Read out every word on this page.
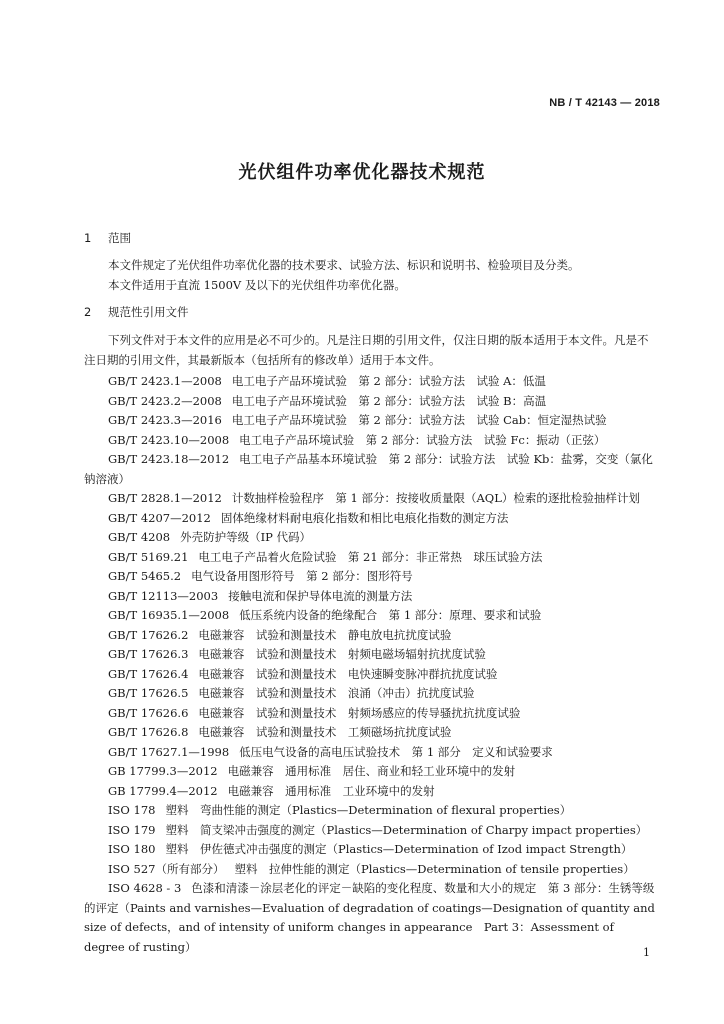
NB / T 42143 — 2018
光伏组件功率优化器技术规范
1 范围
本文件规定了光伏组件功率优化器的技术要求、试验方法、标识和说明书、检验项目及分类。
本文件适用于直流 1500V 及以下的光伏组件功率优化器。
2 规范性引用文件
下列文件对于本文件的应用是必不可少的。凡是注日期的引用文件，仅注日期的版本适用于本文件。凡是不注日期的引用文件，其最新版本（包括所有的修改单）适用于本文件。

GB/T 2423.1—2008 电工电子产品环境试验　第 2 部分：试验方法　试验 A：低温

GB/T 2423.2—2008 电工电子产品环境试验　第 2 部分：试验方法　试验 B：高温

GB/T 2423.3—2016 电工电子产品环境试验　第 2 部分：试验方法　试验 Cab：恒定湿热试验

GB/T 2423.10—2008 电工电子产品环境试验　第 2 部分：试验方法　试验 Fc：振动（正弦）

GB/T 2423.18—2012 电工电子产品基本环境试验　第 2 部分：试验方法　试验 Kb：盐雾，交变（氯化钠溶液）

GB/T 2828.1—2012 计数抽样检验程序　第 1 部分：按接收质量限（AQL）检索的逐批检验抽样计划

GB/T 4207—2012 固体绝缘材料耐电痕化指数和相比电痕化指数的测定方法

GB/T 4208 外壳防护等级（IP 代码）

GB/T 5169.21 电工电子产品着火危险试验　第 21 部分：非正常热　球压试验方法

GB/T 5465.2 电气设备用图形符号　第 2 部分：图形符号

GB/T 12113—2003 接触电流和保护导体电流的测量方法

GB/T 16935.1—2008 低压系统内设备的绝缘配合　第 1 部分：原理、要求和试验

GB/T 17626.2 电磁兼容　试验和测量技术　静电放电抗扰度试验

GB/T 17626.3 电磁兼容　试验和测量技术　射频电磁场辐射抗扰度试验

GB/T 17626.4 电磁兼容　试验和测量技术　电快速瞬变脉冲群抗扰度试验

GB/T 17626.5 电磁兼容　试验和测量技术　浪涌（冲击）抗扰度试验

GB/T 17626.6 电磁兼容　试验和测量技术　射频场感应的传导骚扰抗扰度试验

GB/T 17626.8 电磁兼容　试验和测量技术　工频磁场抗扰度试验

GB/T 17627.1—1998 低压电气设备的高电压试验技术　第 1 部分　定义和试验要求

GB 17799.3—2012 电磁兼容　通用标准　居住、商业和轻工业环境中的发射

GB 17799.4—2012 电磁兼容　通用标准　工业环境中的发射

ISO 178 塑料　弯曲性能的测定（Plastics—Determination of flexural properties）

ISO 179 塑料　简支梁冲击强度的测定（Plastics—Determination of Charpy impact properties）

ISO 180 塑料　伊佐德式冲击强度的测定（Plastics—Determination of Izod impact Strength）

ISO 527（所有部分） 塑料　拉伸性能的测定（Plastics—Determination of tensile properties）

ISO 4628 - 3 色漆和清漆－涂层老化的评定－缺陷的变化程度、数量和大小的规定　第 3 部分：生锈等级的评定（Paints and varnishes—Evaluation of degradation of coatings—Designation of quantity and size of defects，and of intensity of uniform changes in appearance　Part 3：Assessment of degree of rusting）	1
